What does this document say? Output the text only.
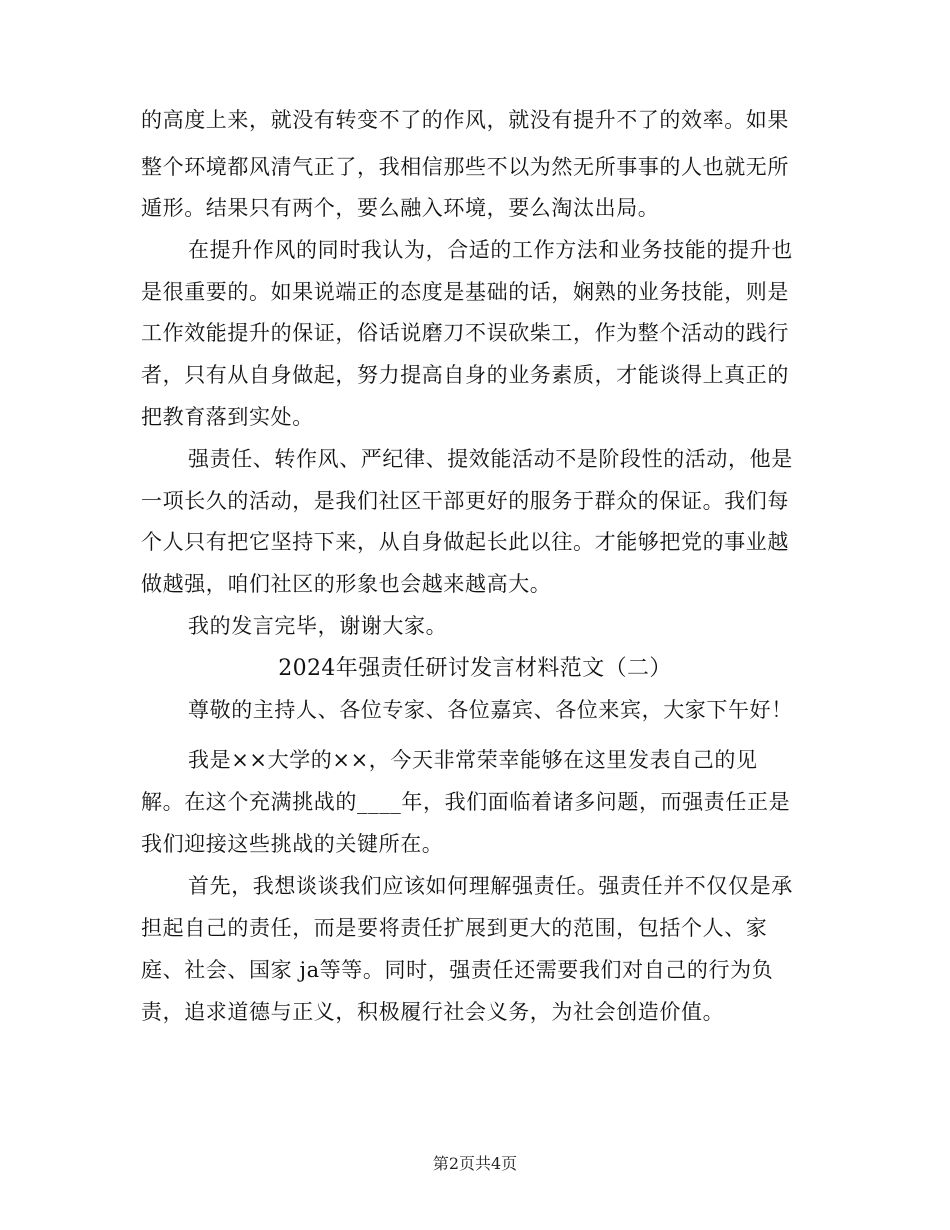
的高度上来，就没有转变不了的作风，就没有提升不了的效率。如果
整个环境都风清气正了，我相信那些不以为然无所事事的人也就无所
遁形。结果只有两个，要么融入环境，要么淘汰出局。
在提升作风的同时我认为，合适的工作方法和业务技能的提升也
是很重要的。如果说端正的态度是基础的话，娴熟的业务技能，则是
工作效能提升的保证，俗话说磨刀不误砍柴工，作为整个活动的践行
者，只有从自身做起，努力提高自身的业务素质，才能谈得上真正的
把教育落到实处。
强责任、转作风、严纪律、提效能活动不是阶段性的活动，他是
一项长久的活动，是我们社区干部更好的服务于群众的保证。我们每
个人只有把它坚持下来，从自身做起长此以往。才能够把党的事业越
做越强，咱们社区的形象也会越来越高大。
我的发言完毕，谢谢大家。
2024年强责任研讨发言材料范文（二）
尊敬的主持人、各位专家、各位嘉宾、各位来宾，大家下午好！
我是××大学的××，今天非常荣幸能够在这里发表自己的见
解。在这个充满挑战的____年，我们面临着诸多问题，而强责任正是
我们迎接这些挑战的关键所在。
首先，我想谈谈我们应该如何理解强责任。强责任并不仅仅是承
担起自己的责任，而是要将责任扩展到更大的范围，包括个人、家
庭、社会、国家 ja等等。同时，强责任还需要我们对自己的行为负
责，追求道德与正义，积极履行社会义务，为社会创造价值。
第2页共4页
